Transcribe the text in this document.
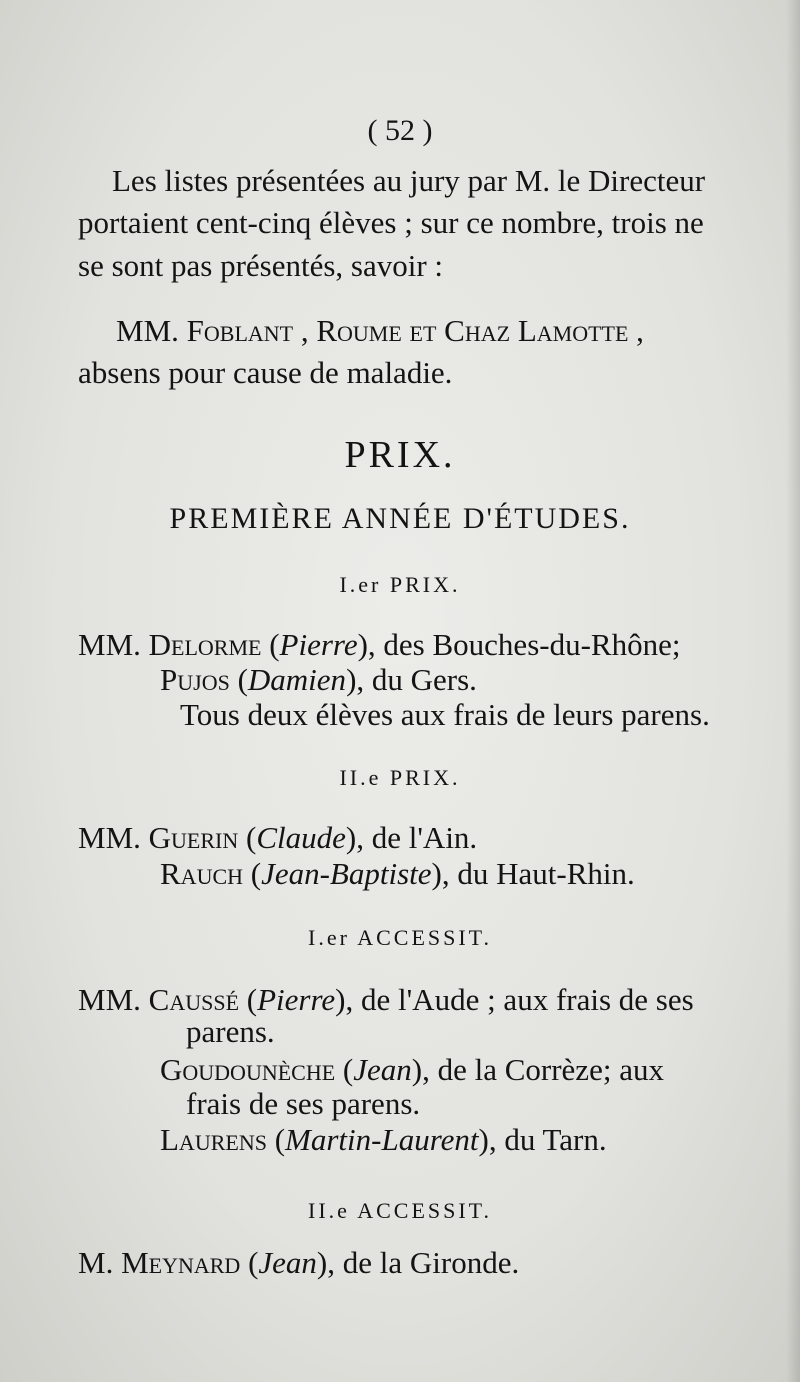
( 52 )
Les listes présentées au jury par M. le Directeur
portaient cent-cinq élèves ; sur ce nombre, trois ne
se sont pas présentés, savoir :
MM. Foblant , Roume et Chaz Lamotte ,
absens pour cause de maladie.
PRIX.
PREMIÈRE ANNÉE D'ÉTUDES.
I.er PRIX.
MM. Delorme (Pierre), des Bouches-du-Rhône;
Pujos (Damien), du Gers.
Tous deux élèves aux frais de leurs parens.
II.e PRIX.
MM. Guerin (Claude), de l'Ain.
Rauch (Jean-Baptiste), du Haut-Rhin.
I.er ACCESSIT.
MM. Caussé (Pierre), de l'Aude ; aux frais de ses
parens.
Goudounèche (Jean), de la Corrèze; aux
frais de ses parens.
Laurens (Martin-Laurent), du Tarn.
II.e ACCESSIT.
M. Meynard (Jean), de la Gironde.
